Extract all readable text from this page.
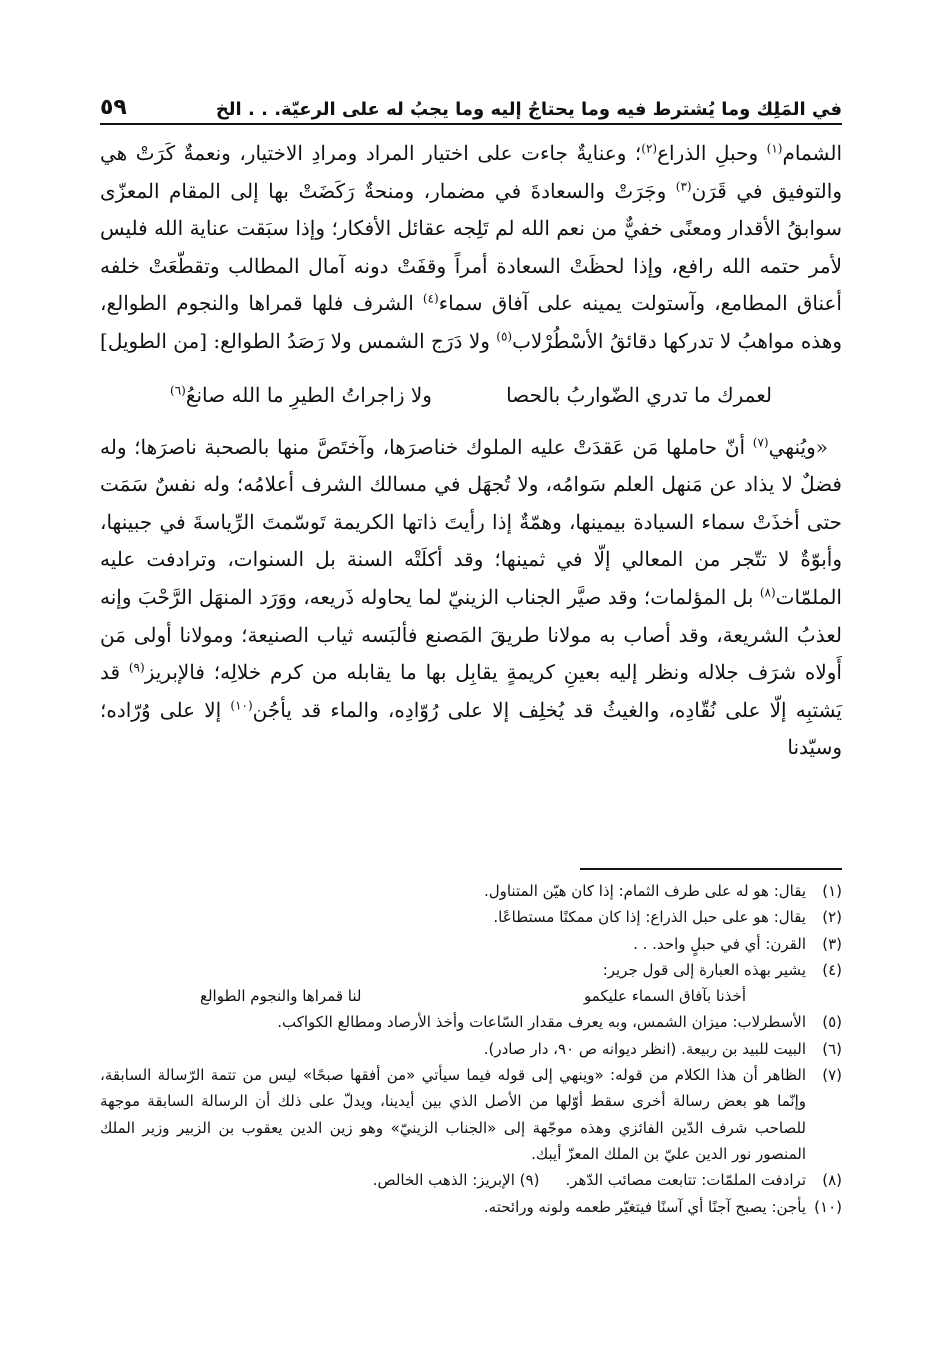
في المَلِك وما يُشترط فيه وما يحتاجُ إليه وما يجبُ له على الرعيّة. . . الخ
٥٩

الشمام$^{(١)}$ وحبلِ الذراع$^{(٢)}$؛ وعنايةٌ جاءت على اختيار المراد ومرادِ الاختيار، ونعمةٌ كَرَتْ هي والتوفيق في قَرَن$^{(٣)}$ وجَرَتْ والسعادةَ في مضمار، ومنحةٌ رَكَضَتْ بها إلى المقام المعزّى سوابقُ الأقدار ومعنًى خفيٌّ من نعم الله لم تَلِجه عقائل الأفكار؛ وإذا سبَقت عناية الله فليس لأمر حتمه الله رافع، وإذا لحظَتْ السعادة أمراً وقفَتْ دونه آمال المطالب وتقطّعَتْ خلفه أعناق المطامع، وآستولت يمينه على آفاق سماء$^{(٤)}$ الشرف فلها قمراها والنجوم الطوالع، وهذه مواهبُ لا تدركها دقائقُ الأسْطُرْلاب$^{(٥)}$ ولا دَرَج الشمس ولا رَصَدُ الطوالع: [من الطويل]

لعمرك ما تدري الضّواربُ بالحصا
ولا زاجراتُ الطيرِ ما الله صانعُ$^{(٦)}$

«ويُنهي$^{(٧)}$ أنّ حاملها مَن عَقدَتْ عليه الملوك خناصرَها، وآختَصَّ منها بالصحبة ناصرَها؛ وله فضلٌ لا يذاد عن مَنهل العلم سَوامُه، ولا تُجهَل في مسالك الشرف أعلامُه؛ وله نفسٌ سَمَت حتى أخذَتْ سماء السيادة بيمينها، وهمّةٌ إذا رأيتَ ذاتها الكريمة تَوسّمتَ الرِّياسةَ في جبينها، وأبوّةٌ لا تتّجر من المعالي إلّا في ثمينها؛ وقد أكلَتْه السنة بل السنوات، وترادفت عليه الملمّات$^{(٨)}$ بل المؤلمات؛ وقد صيَّر الجناب الزينيّ لما يحاوله ذَريعه، ووَرَد المنهَل الرَّحْبَ وإنه لعذبُ الشريعة، وقد أصاب به مولانا طريقَ المَصنع فألبَسه ثياب الصنيعة؛ ومولانا أولى مَن أَولاه شرَف جلاله ونظر إليه بعينِ كريمةٍ يقابِل بها ما يقابله من كرم خلالِه؛ فالإبريز$^{(٩)}$ قد يَشتبِه إلّا على نُقّادِه، والغيثُ قد يُخلِف إلا على رُوّادِه، والماء قد يأجُن$^{(١٠)}$ إلا على وُرّاده؛ وسيّدنا

(١)
يقال: هو له على طرف الثمام: إذا كان هيّن المتناول.
(٢)
يقال: هو على حبل الذراع: إذا كان ممكنًا مستطاعًا.
(٣)
القرن: أي في حبلٍ واحد. . .
(٤)
يشير بهذه العبارة إلى قول جرير:
أخذنا بآفاق السماء عليكمو
لنا قمراها والنجوم الطوالع
(٥)
الأسطرلاب: ميزان الشمس، وبه يعرف مقدار السّاعات وأخذ الأرصاد ومطالع الكواكب.
(٦)
البيت للبيد بن ربيعة. (انظر ديوانه ص ٩٠، دار صادر).
(٧)
الظاهر أن هذا الكلام من قوله: «وينهي إلى قوله فيما سيأتي «من أفقها صبحًا» ليس من تتمة الرّسالة السابقة، وإنّما هو بعض رسالة أخرى سقط أوّلها من الأصل الذي بين أيدينا، ويدلّ على ذلك أن الرسالة السابقة موجهة للصاحب شرف الدّين الفائزي وهذه موجّهة إلى «الجناب الزينيّ» وهو زين الدين يعقوب بن الزبير وزير الملك المنصور نور الدين عليّ بن الملك المعزّ أيبك.
(٨)
ترادفت الملمّات: تتابعت مصائب الدّهر.
(٩) الإبريز: الذهب الخالص.
(١٠)
يأجن: يصبح آجنًا أي آسنًا فيتغيّر طعمه ولونه ورائحته.
